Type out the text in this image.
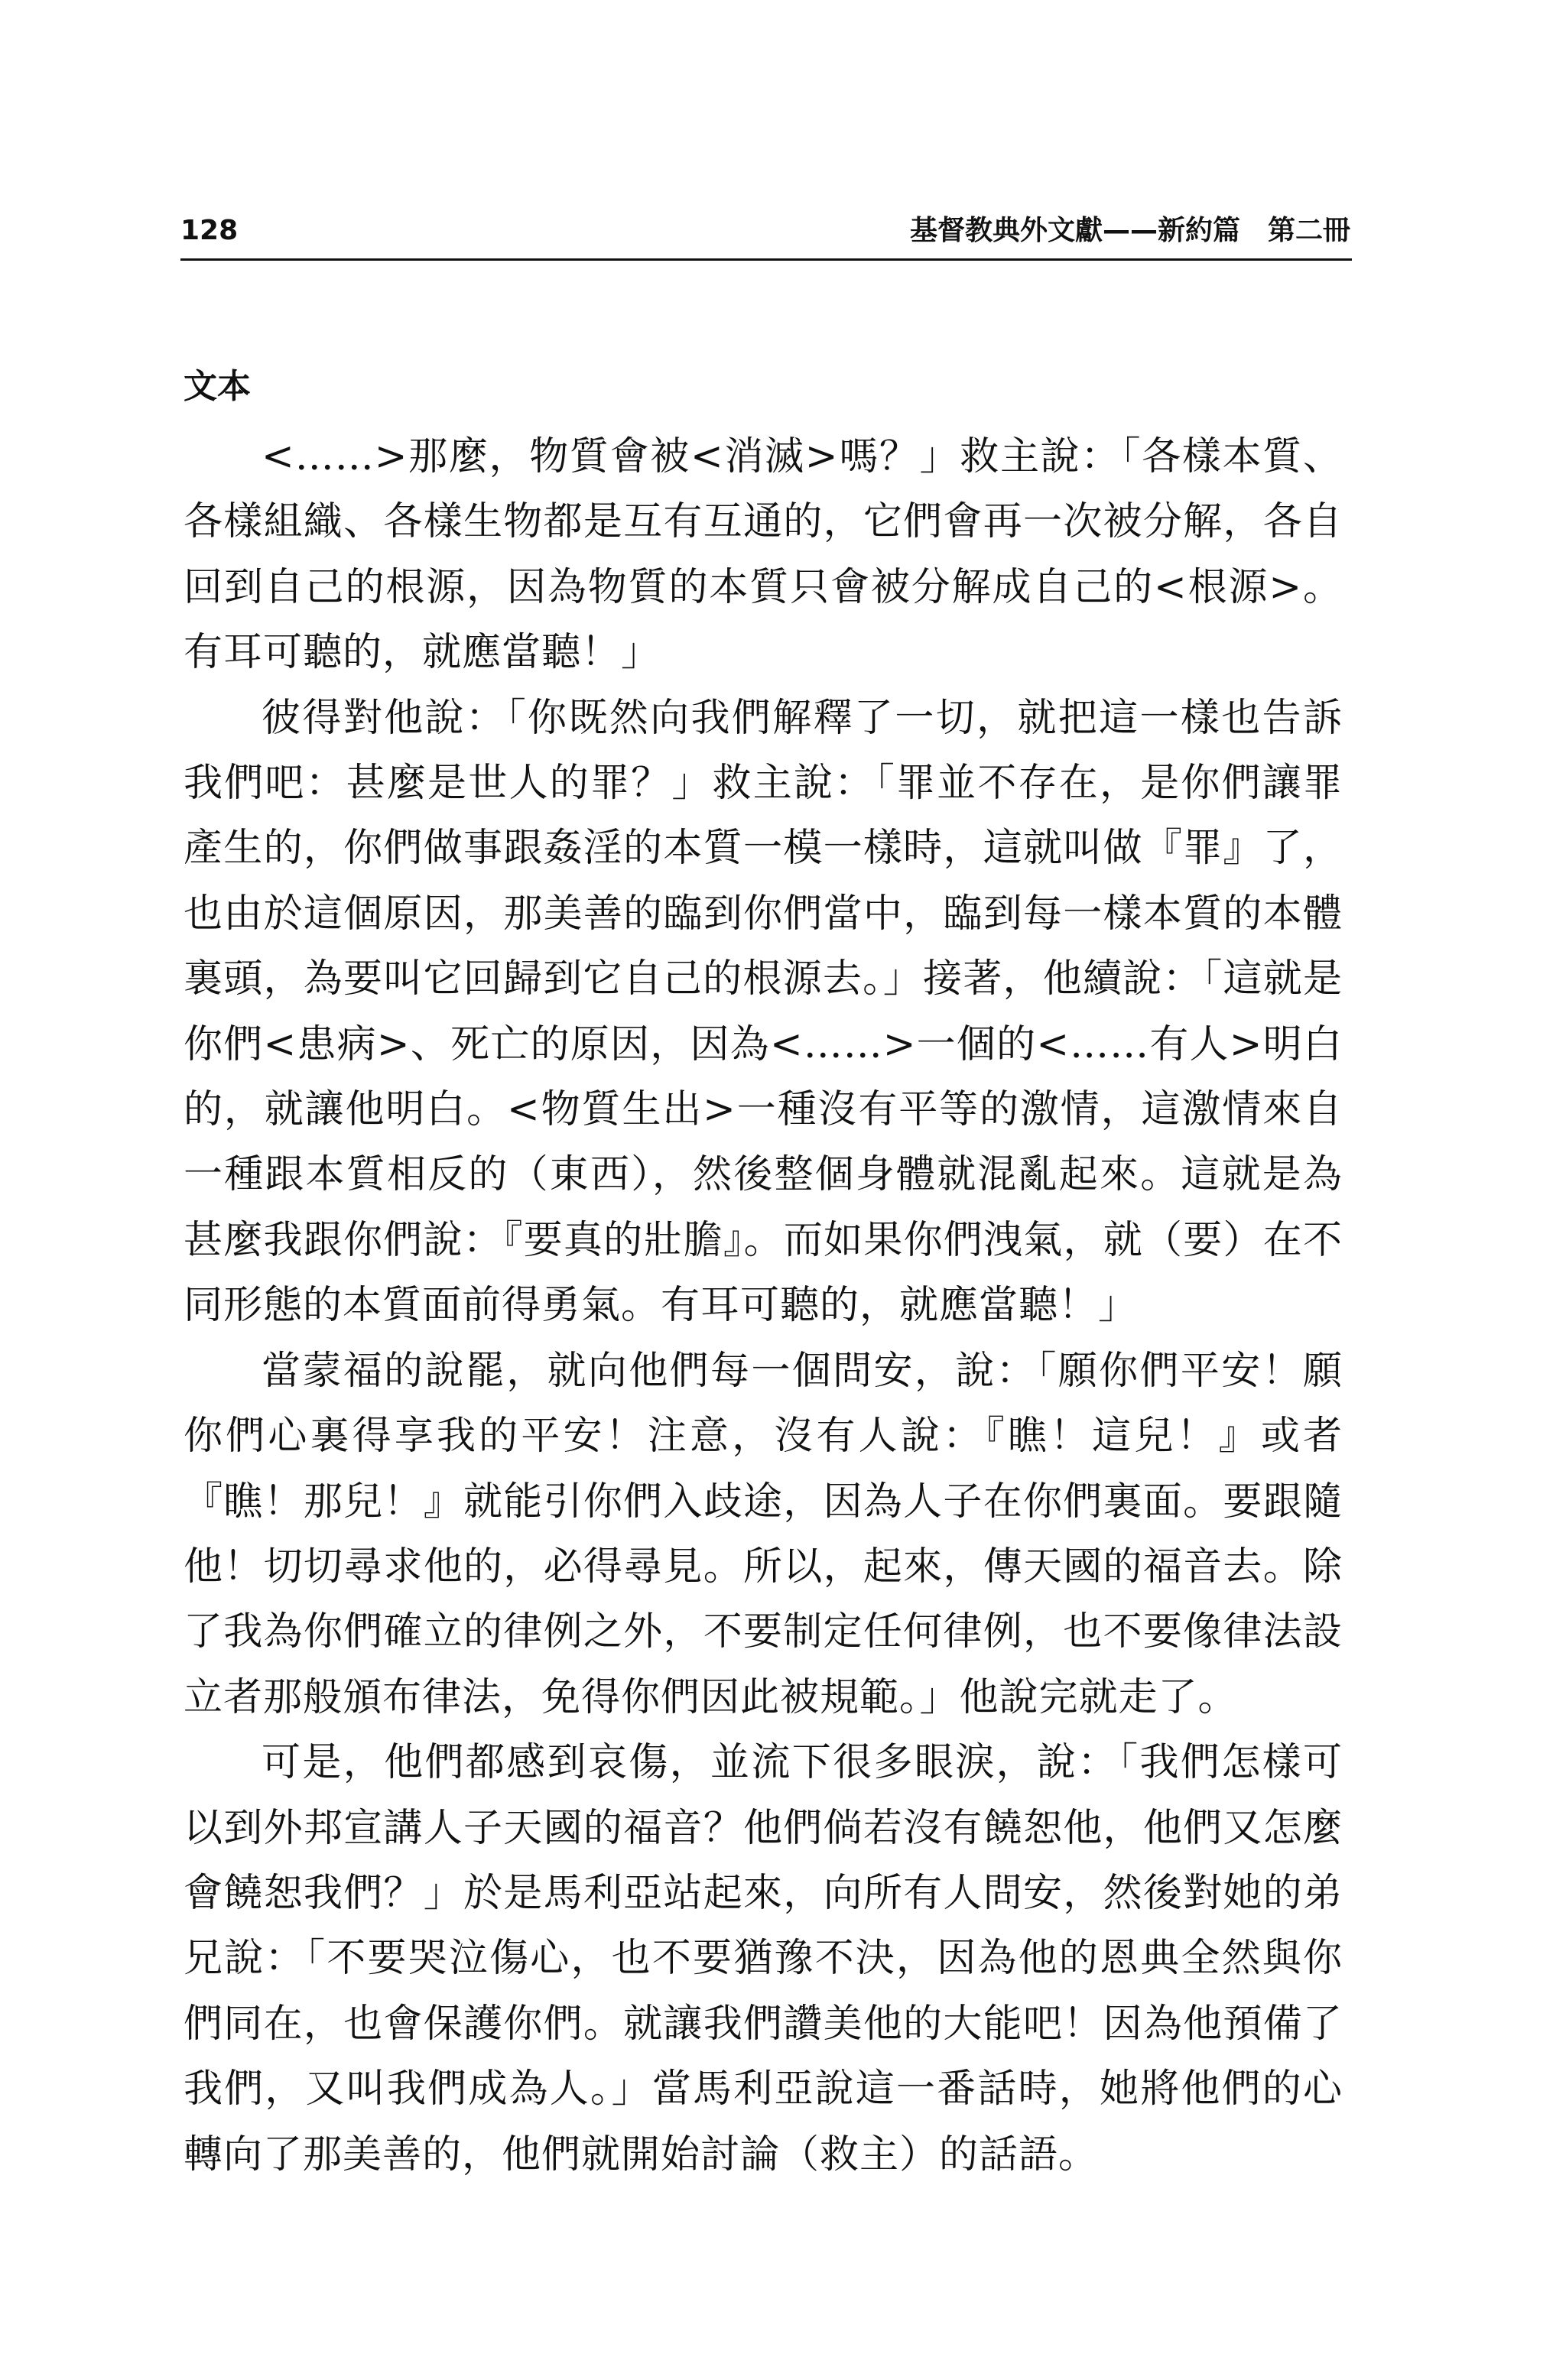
128	基督教典外文獻——新約篇　第二冊
文本

<……>那麼，物質會被<消滅>嗎？」救主說：「各樣本質、各樣組織、各樣生物都是互有互通的，它們會再一次被分解，各自回到自己的根源，因為物質的本質只會被分解成自己的<根源>。有耳可聽的，就應當聽！」

彼得對他說：「你既然向我們解釋了一切，就把這一樣也告訴我們吧：甚麼是世人的罪？」救主說：「罪並不存在，是你們讓罪產生的，你們做事跟姦淫的本質一模一樣時，這就叫做『罪』了，也由於這個原因，那美善的臨到你們當中，臨到每一樣本質的本體裏頭，為要叫它回歸到它自己的根源去。」接著，他續說：「這就是你們<患病>、死亡的原因，因為<……>一個的<……有人>明白的，就讓他明白。<物質生出>一種沒有平等的激情，這激情來自一種跟本質相反的（東西），然後整個身體就混亂起來。這就是為甚麼我跟你們說：『要真的壯膽』。而如果你們洩氣，就（要）在不同形態的本質面前得勇氣。有耳可聽的，就應當聽！」

當蒙福的說罷，就向他們每一個問安，說：「願你們平安！願你們心裏得享我的平安！注意，沒有人說：『瞧！這兒！』或者『瞧！那兒！』就能引你們入歧途，因為人子在你們裏面。要跟隨他！切切尋求他的，必得尋見。所以，起來，傳天國的福音去。除了我為你們確立的律例之外，不要制定任何律例，也不要像律法設立者那般頒布律法，免得你們因此被規範。」他說完就走了。

可是，他們都感到哀傷，並流下很多眼淚，說：「我們怎樣可以到外邦宣講人子天國的福音？他們倘若沒有饒恕他，他們又怎麼會饒恕我們？」於是馬利亞站起來，向所有人問安，然後對她的弟兄說：「不要哭泣傷心，也不要猶豫不決，因為他的恩典全然與你們同在，也會保護你們。就讓我們讚美他的大能吧！因為他預備了我們，又叫我們成為人。」當馬利亞說這一番話時，她將他們的心轉向了那美善的，他們就開始討論（救主）的話語。
